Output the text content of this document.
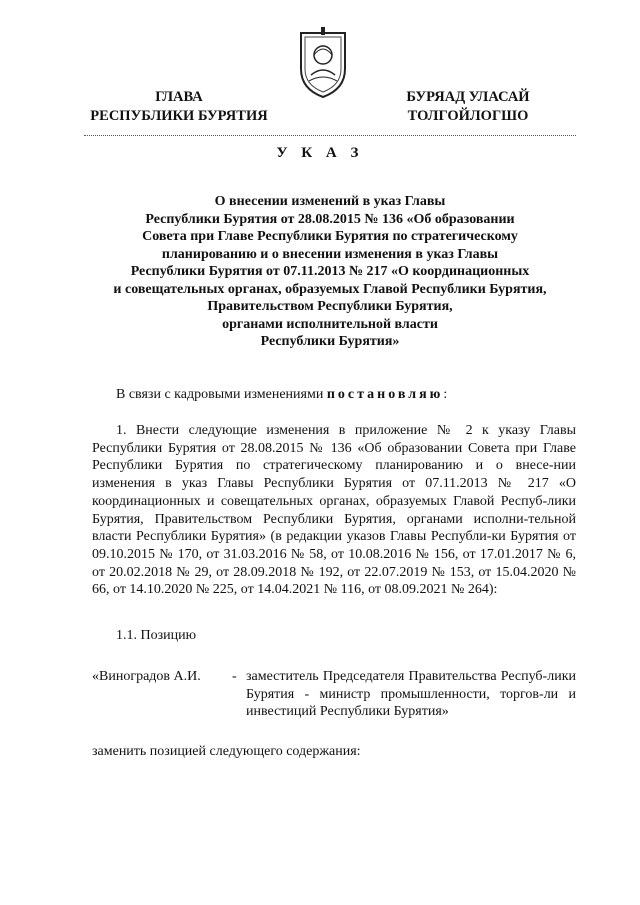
ГЛАВА
РЕСПУБЛИКИ БУРЯТИЯ
БУРЯАД УЛАСАЙ
ТОЛГОЙЛОГШО
У К А З
О внесении изменений в указ Главы
Республики Бурятия от 28.08.2015 № 136 «Об образовании
Совета при Главе Республики Бурятия по стратегическому
планированию и о внесении изменения в указ Главы
Республики Бурятия от 07.11.2013 № 217 «О координационных
и совещательных органах, образуемых Главой Республики Бурятия,
Правительством Республики Бурятия,
органами исполнительной власти
Республики Бурятия»
В связи с кадровыми изменениями постановляю:
1. Внести следующие изменения в приложение № 2 к указу Главы Республики Бурятия от 28.08.2015 № 136 «Об образовании Совета при Главе Республики Бурятия по стратегическому планированию и о внесе-нии изменения в указ Главы Республики Бурятия от 07.11.2013 № 217 «О координационных и совещательных органах, образуемых Главой Респуб-лики Бурятия, Правительством Республики Бурятия, органами исполни-тельной власти Республики Бурятия» (в редакции указов Главы Республи-ки Бурятия от 09.10.2015 № 170, от 31.03.2016 № 58, от 10.08.2016 № 156, от 17.01.2017 № 6, от 20.02.2018 № 29, от 28.09.2018 № 192, от 22.07.2019 № 153, от 15.04.2020 № 66, от 14.10.2020 № 225, от 14.04.2021 № 116, от 08.09.2021 № 264):
1.1. Позицию
«Виноградов А.И. - заместитель Председателя Правительства Респуб-лики Бурятия - министр промышленности, торгов-ли и инвестиций Республики Бурятия»
заменить позицией следующего содержания:
